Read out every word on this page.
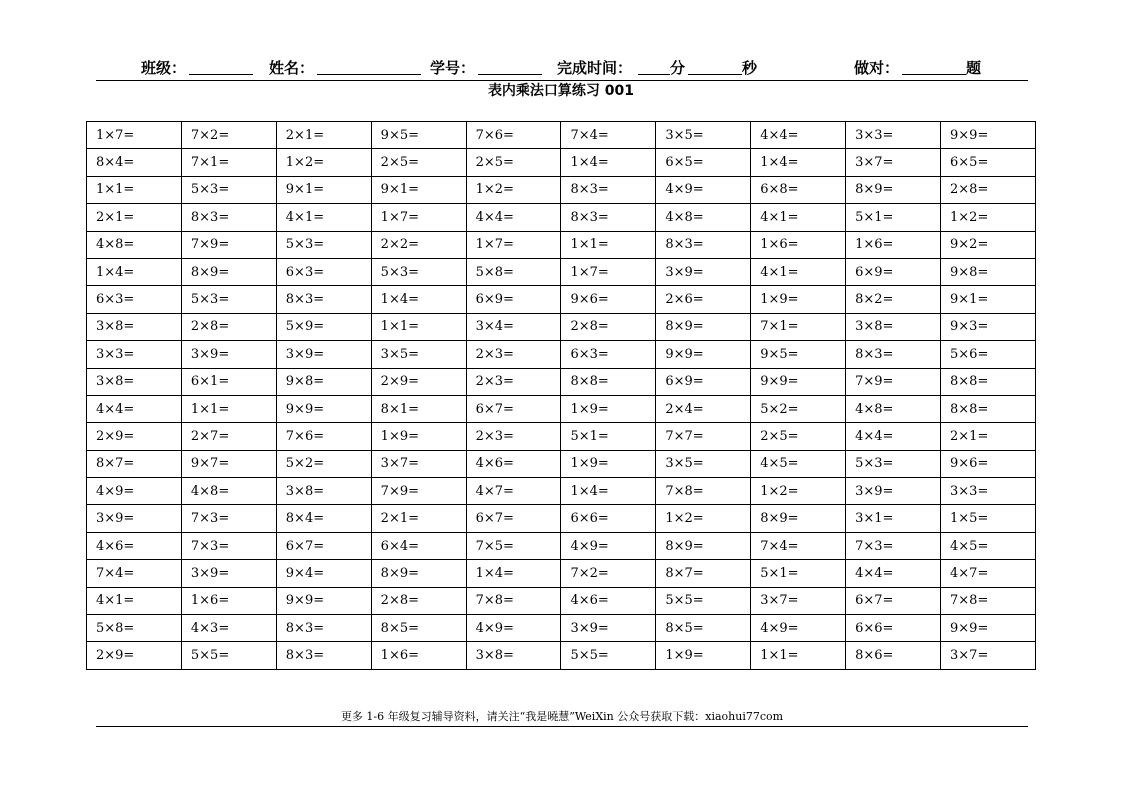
班级：	姓名：	学号：	完成时间：	分	秒	做对：	题
表内乘法口算练习 001
1×7=	7×2=	2×1=	9×5=	7×6=	7×4=	3×5=	4×4=	3×3=	9×9=
8×4=	7×1=	1×2=	2×5=	2×5=	1×4=	6×5=	1×4=	3×7=	6×5=
1×1=	5×3=	9×1=	9×1=	1×2=	8×3=	4×9=	6×8=	8×9=	2×8=
2×1=	8×3=	4×1=	1×7=	4×4=	8×3=	4×8=	4×1=	5×1=	1×2=
4×8=	7×9=	5×3=	2×2=	1×7=	1×1=	8×3=	1×6=	1×6=	9×2=
1×4=	8×9=	6×3=	5×3=	5×8=	1×7=	3×9=	4×1=	6×9=	9×8=
6×3=	5×3=	8×3=	1×4=	6×9=	9×6=	2×6=	1×9=	8×2=	9×1=
3×8=	2×8=	5×9=	1×1=	3×4=	2×8=	8×9=	7×1=	3×8=	9×3=
3×3=	3×9=	3×9=	3×5=	2×3=	6×3=	9×9=	9×5=	8×3=	5×6=
3×8=	6×1=	9×8=	2×9=	2×3=	8×8=	6×9=	9×9=	7×9=	8×8=
4×4=	1×1=	9×9=	8×1=	6×7=	1×9=	2×4=	5×2=	4×8=	8×8=
2×9=	2×7=	7×6=	1×9=	2×3=	5×1=	7×7=	2×5=	4×4=	2×1=
8×7=	9×7=	5×2=	3×7=	4×6=	1×9=	3×5=	4×5=	5×3=	9×6=
4×9=	4×8=	3×8=	7×9=	4×7=	1×4=	7×8=	1×2=	3×9=	3×3=
3×9=	7×3=	8×4=	2×1=	6×7=	6×6=	1×2=	8×9=	3×1=	1×5=
4×6=	7×3=	6×7=	6×4=	7×5=	4×9=	8×9=	7×4=	7×3=	4×5=
7×4=	3×9=	9×4=	8×9=	1×4=	7×2=	8×7=	5×1=	4×4=	4×7=
4×1=	1×6=	9×9=	2×8=	7×8=	4×6=	5×5=	3×7=	6×7=	7×8=
5×8=	4×3=	8×3=	8×5=	4×9=	3×9=	8×5=	4×9=	6×6=	9×9=
2×9=	5×5=	8×3=	1×6=	3×8=	5×5=	1×9=	1×1=	8×6=	3×7=
更多 1-6 年级复习辅导资料，请关注“我是曉慧”WeiXin 公众号获取下载：xiaohui77com
